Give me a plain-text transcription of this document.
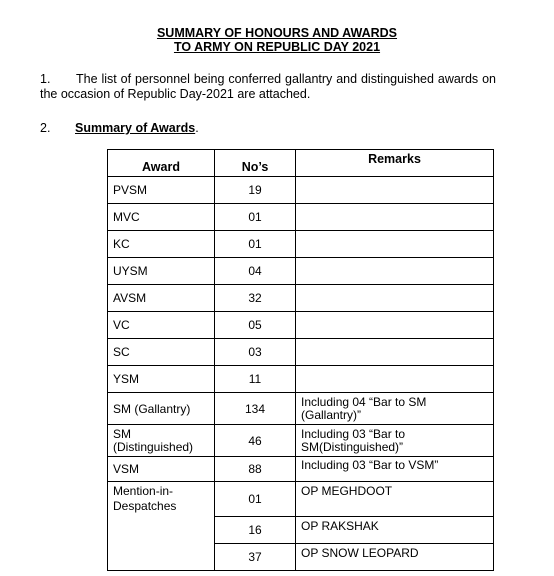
SUMMARY OF HONOURS AND AWARDS
TO ARMY ON REPUBLIC DAY 2021
1. The list of personnel being conferred gallantry and distinguished awards on the occasion of Republic Day-2021 are attached.
2. Summary of Awards.
Award	No’s	Remarks
PVSM	19	
MVC	01	
KC	01	
UYSM	04	
AVSM	32	
VC	05	
SC	03	
YSM	11	
SM (Gallantry)	134	Including 04 “Bar to SM (Gallantry)”
SM (Distinguished)	46	Including 03 “Bar to SM(Distinguished)”
VSM	88	Including 03 “Bar to VSM”
Mention-in-Despatches	01	OP MEGHDOOT
	16	OP RAKSHAK
	37	OP SNOW LEOPARD
